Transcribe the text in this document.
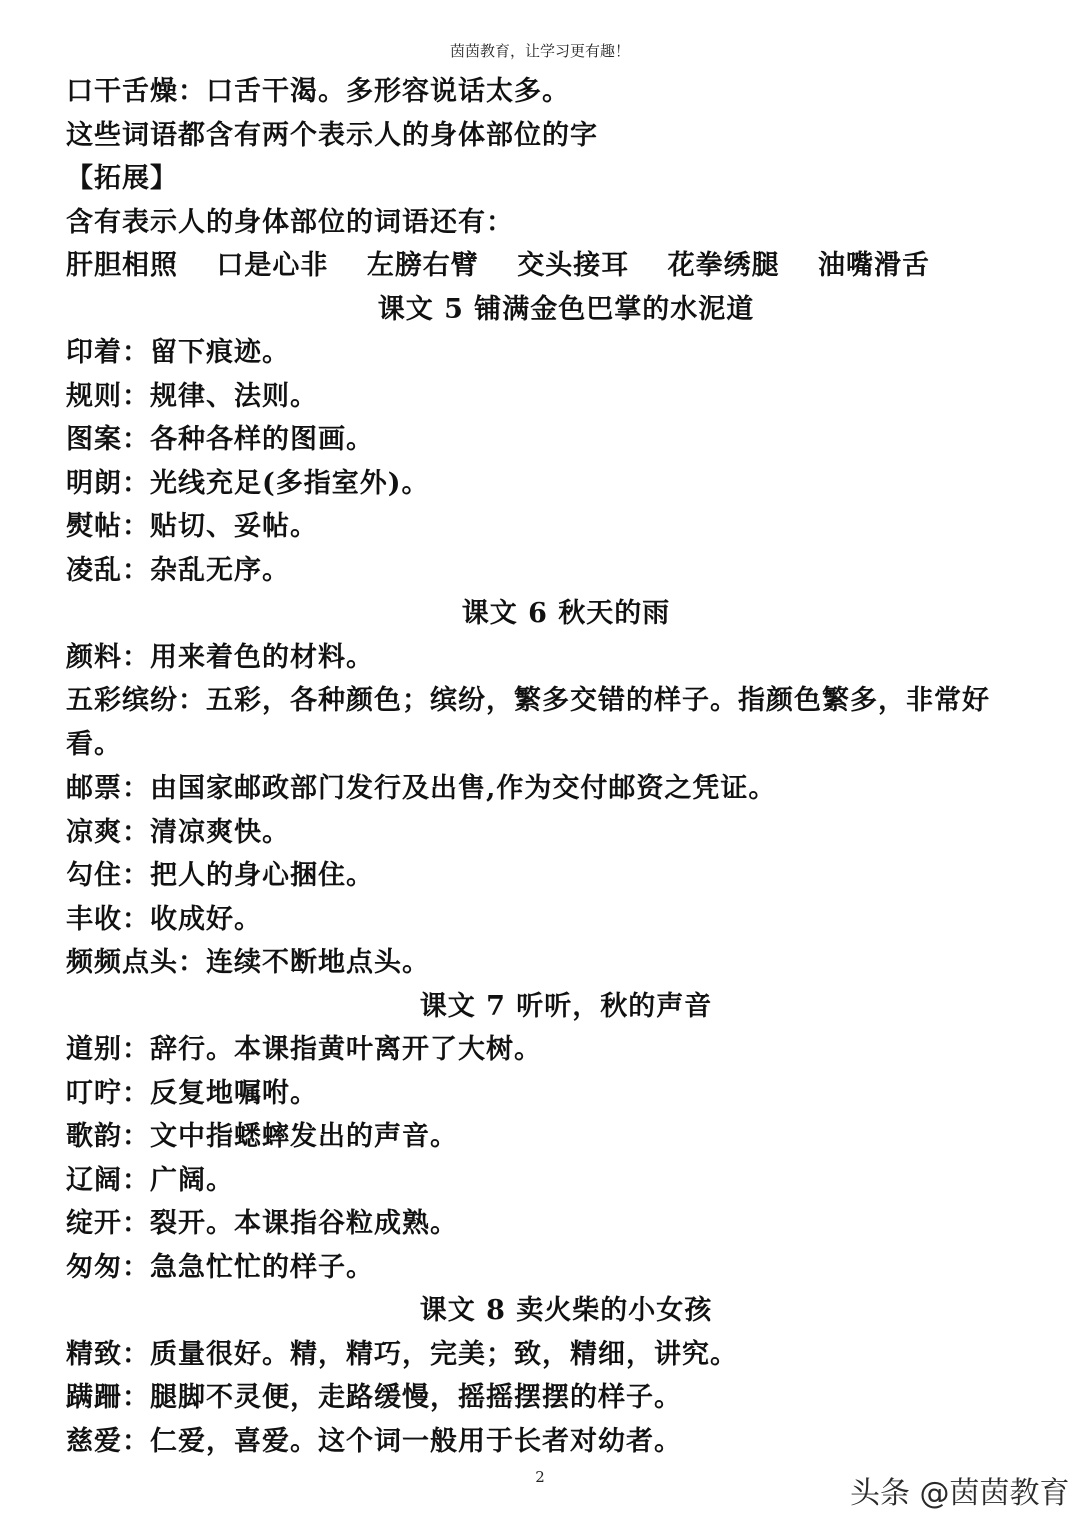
茵茵教育，让学习更有趣！
口干舌燥：口舌干渴。多形容说话太多。
这些词语都含有两个表示人的身体部位的字
【拓展】
含有表示人的身体部位的词语还有：
肝胆相照 口是心非 左膀右臂 交头接耳 花拳绣腿 油嘴滑舌
课文 5 铺满金色巴掌的水泥道
印着：留下痕迹。
规则：规律、法则。
图案：各种各样的图画。
明朗：光线充足(多指室外)。
熨帖：贴切、妥帖。
凌乱：杂乱无序。
课文 6 秋天的雨
颜料：用来着色的材料。
五彩缤纷：五彩，各种颜色；缤纷，繁多交错的样子。指颜色繁多，非常好看。
邮票：由国家邮政部门发行及出售,作为交付邮资之凭证。
凉爽：清凉爽快。
勾住：把人的身心捆住。
丰收：收成好。
频频点头：连续不断地点头。
课文 7 听听，秋的声音
道别：辞行。本课指黄叶离开了大树。
叮咛：反复地嘱咐。
歌韵：文中指蟋蟀发出的声音。
辽阔：广阔。
绽开：裂开。本课指谷粒成熟。
匆匆：急急忙忙的样子。
课文 8 卖火柴的小女孩
精致：质量很好。精，精巧，完美；致，精细，讲究。
蹒跚：腿脚不灵便，走路缓慢，摇摇摆摆的样子。
慈爱：仁爱，喜爱。这个词一般用于长者对幼者。
2	头条 @茵茵教育
